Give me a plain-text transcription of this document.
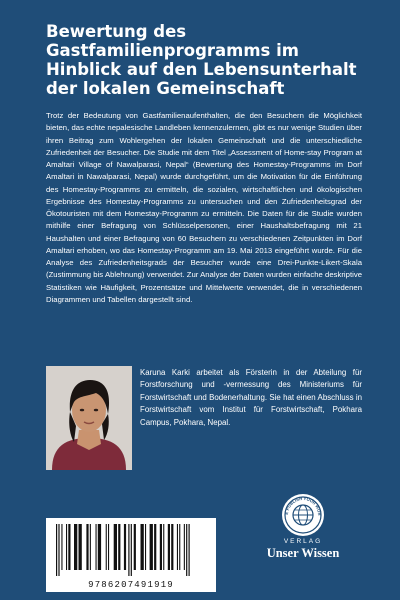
Bewertung des Gastfamilienprogramms im Hinblick auf den Lebensunterhalt der lokalen Gemeinschaft

Trotz der Bedeutung von Gastfamilienaufenthalten, die den Besuchern die Möglichkeit bieten, das echte nepalesische Landleben kennenzulernen, gibt es nur wenige Studien über ihren Beitrag zum Wohlergehen der lokalen Gemeinschaft und die unterschiedliche Zufriedenheit der Besucher. Die Studie mit dem Titel „Assessment of Home-stay Program at Amaltari Village of Nawalparasi, Nepal“ (Bewertung des Homestay-Programms im Dorf Amaltari in Nawalparasi, Nepal) wurde durchgeführt, um die Motivation für die Einführung des Homestay-Programms zu ermitteln, die sozialen, wirtschaftlichen und ökologischen Ergebnisse des Homestay-Programms zu untersuchen und den Zufriedenheitsgrad der Ökotouristen mit dem Homestay-Programm zu ermitteln. Die Daten für die Studie wurden mithilfe einer Befragung von Schlüsselpersonen, einer Haushaltsbefragung mit 21 Haushalten und einer Befragung von 60 Besuchern zu verschiedenen Zeitpunkten im Dorf Amaltari erhoben, wo das Homestay-Programm am 19. Mai 2013 eingeführt wurde. Für die Analyse des Zufriedenheitsgrads der Besucher wurde eine Drei-Punkte-Likert-Skala (Zustimmung bis Ablehnung) verwendet. Zur Analyse der Daten wurden einfache deskriptive Statistiken wie Häufigkeit, Prozentsätze und Mittelwerte verwendet, die in verschiedenen Diagrammen und Tabellen dargestellt sind.

Karuna Karki arbeitet als Försterin in der Abteilung für Forstforschung und -vermessung des Ministeriums für Forstwirtschaft und Bodenerhaltung. Sie hat einen Abschluss in Forstwirtschaft vom Institut für Forstwirtschaft, Pokhara Campus, Pokhara, Nepal.

9786207491919
E PUBLISH YOUR WOR
VERLAG
Unser Wissen
